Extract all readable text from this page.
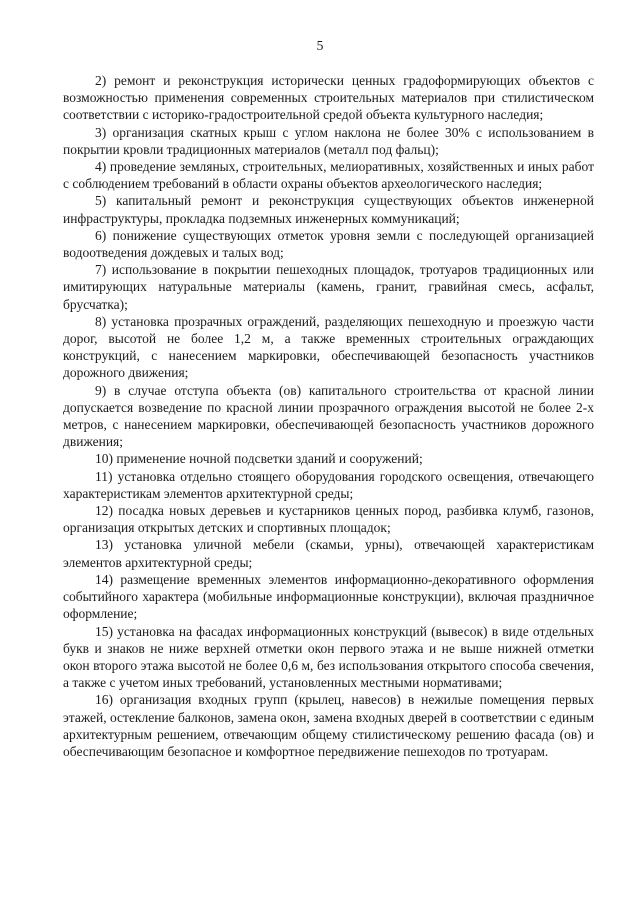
5

2) ремонт и реконструкция исторически ценных градоформирующих объектов с возможностью применения современных строительных материалов при стилистическом соответствии с историко-градостроительной средой объекта культурного наследия;

3) организация скатных крыш с углом наклона не более 30% с использованием в покрытии кровли традиционных материалов (металл под фальц);

4) проведение земляных, строительных, мелиоративных, хозяйственных и иных работ с соблюдением требований в области охраны объектов археологического наследия;

5) капитальный ремонт и реконструкция существующих объектов инженерной инфраструктуры, прокладка подземных инженерных коммуникаций;

6) понижение существующих отметок уровня земли с последующей организацией водоотведения дождевых и талых вод;

7) использование в покрытии пешеходных площадок, тротуаров традиционных или имитирующих натуральные материалы (камень, гранит, гравийная смесь, асфальт, брусчатка);

8) установка прозрачных ограждений, разделяющих пешеходную и проезжую части дорог, высотой не более 1,2 м, а также временных строительных ограждающих конструкций, с нанесением маркировки, обеспечивающей безопасность участников дорожного движения;

9) в случае отступа объекта (ов) капитального строительства от красной линии допускается возведение по красной линии прозрачного ограждения высотой не более 2-х метров, с нанесением маркировки, обеспечивающей безопасность участников дорожного движения;

10) применение ночной подсветки зданий и сооружений;

11) установка отдельно стоящего оборудования городского освещения, отвечающего характеристикам элементов архитектурной среды;

12) посадка новых деревьев и кустарников ценных пород, разбивка клумб, газонов, организация открытых детских и спортивных площадок;

13) установка уличной мебели (скамьи, урны), отвечающей характеристикам элементов архитектурной среды;

14) размещение временных элементов информационно-декоративного оформления событийного характера (мобильные информационные конструкции), включая праздничное оформление;

15) установка на фасадах информационных конструкций (вывесок) в виде отдельных букв и знаков не ниже верхней отметки окон первого этажа и не выше нижней отметки окон второго этажа высотой не более 0,6 м, без использования открытого способа свечения, а также с учетом иных требований, установленных местными нормативами;

16) организация входных групп (крылец, навесов) в нежилые помещения первых этажей, остекление балконов, замена окон, замена входных дверей в соответствии с единым архитектурным решением, отвечающим общему стилистическому решению фасада (ов) и обеспечивающим безопасное и комфортное передвижение пешеходов по тротуарам.
